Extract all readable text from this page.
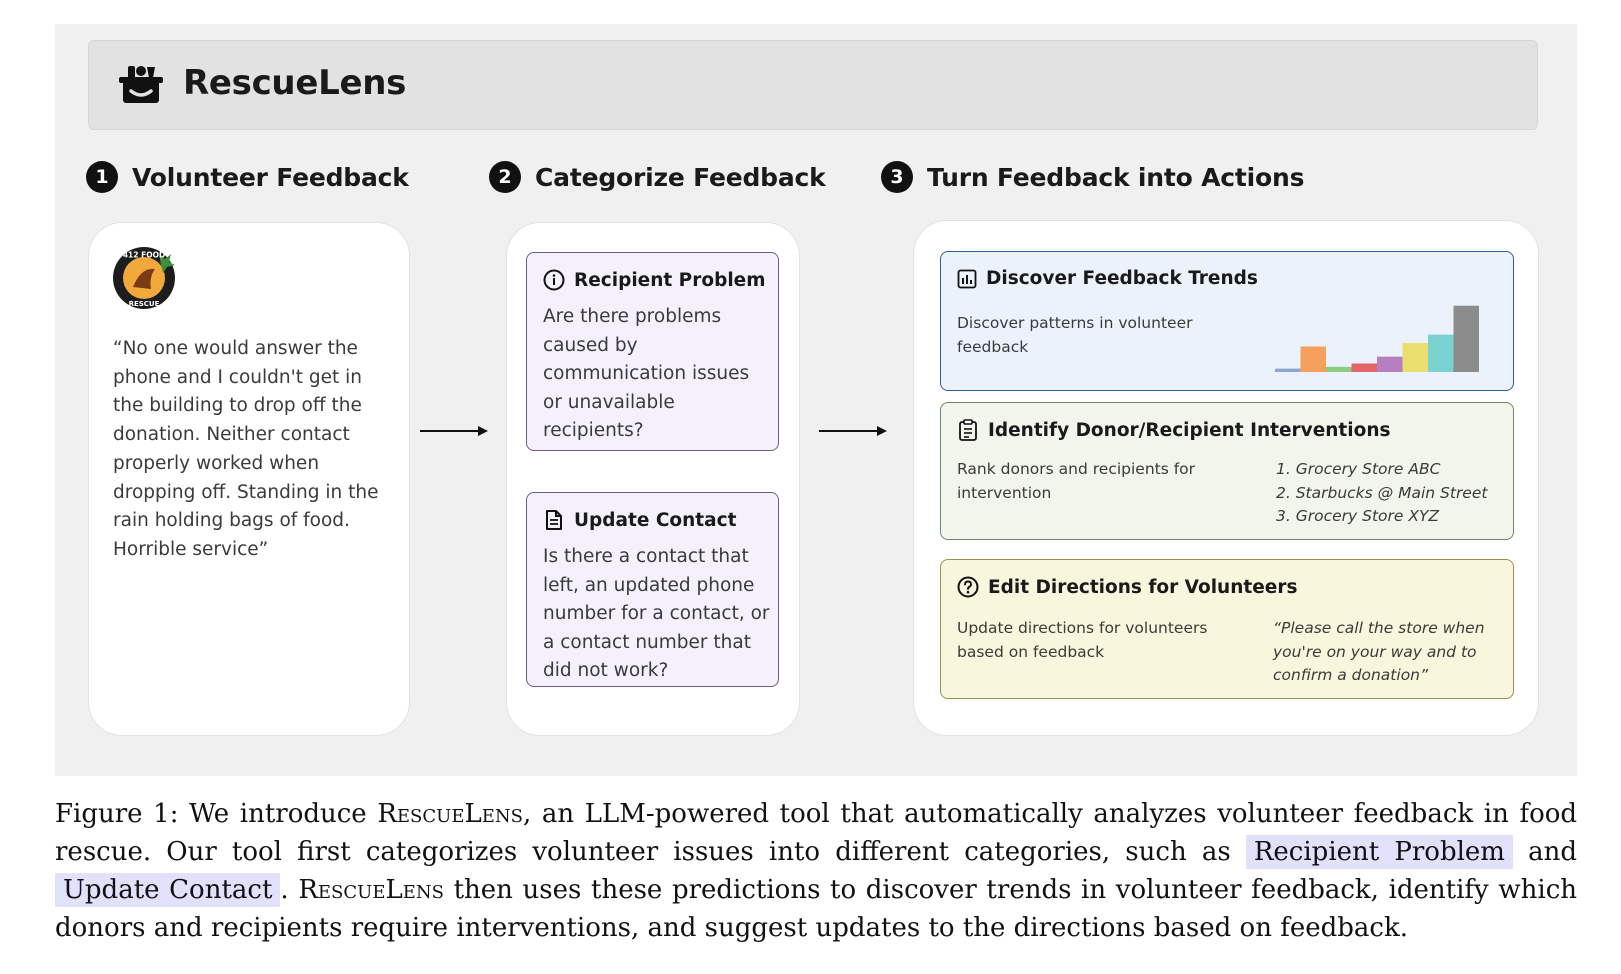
RescueLens
1 Volunteer Feedback	2 Categorize Feedback	3 Turn Feedback into Actions
412 FOOD
RESCUE
“No one would answer the phone and I couldn't get in the building to drop off the donation. Neither contact properly worked when dropping off. Standing in the rain holding bags of food. Horrible service”
Recipient Problem
Are there problems caused by communication issues or unavailable recipients?
Update Contact
Is there a contact that left, an updated phone number for a contact, or a contact number that did not work?
Discover Feedback Trends
Discover patterns in volunteer feedback
Identify Donor/Recipient Interventions
Rank donors and recipients for intervention
1. Grocery Store ABC
2. Starbucks @ Main Street
3. Grocery Store XYZ
Edit Directions for Volunteers
Update directions for volunteers based on feedback
“Please call the store when you're on your way and to confirm a donation”
Figure 1: We introduce RescueLens, an LLM-powered tool that automatically analyzes volunteer feedback in food rescue. Our tool first categorizes volunteer issues into different categories, such as Recipient Problem and Update Contact . RescueLens then uses these predictions to discover trends in volunteer feedback, identify which donors and recipients require interventions, and suggest updates to the directions based on feedback.
